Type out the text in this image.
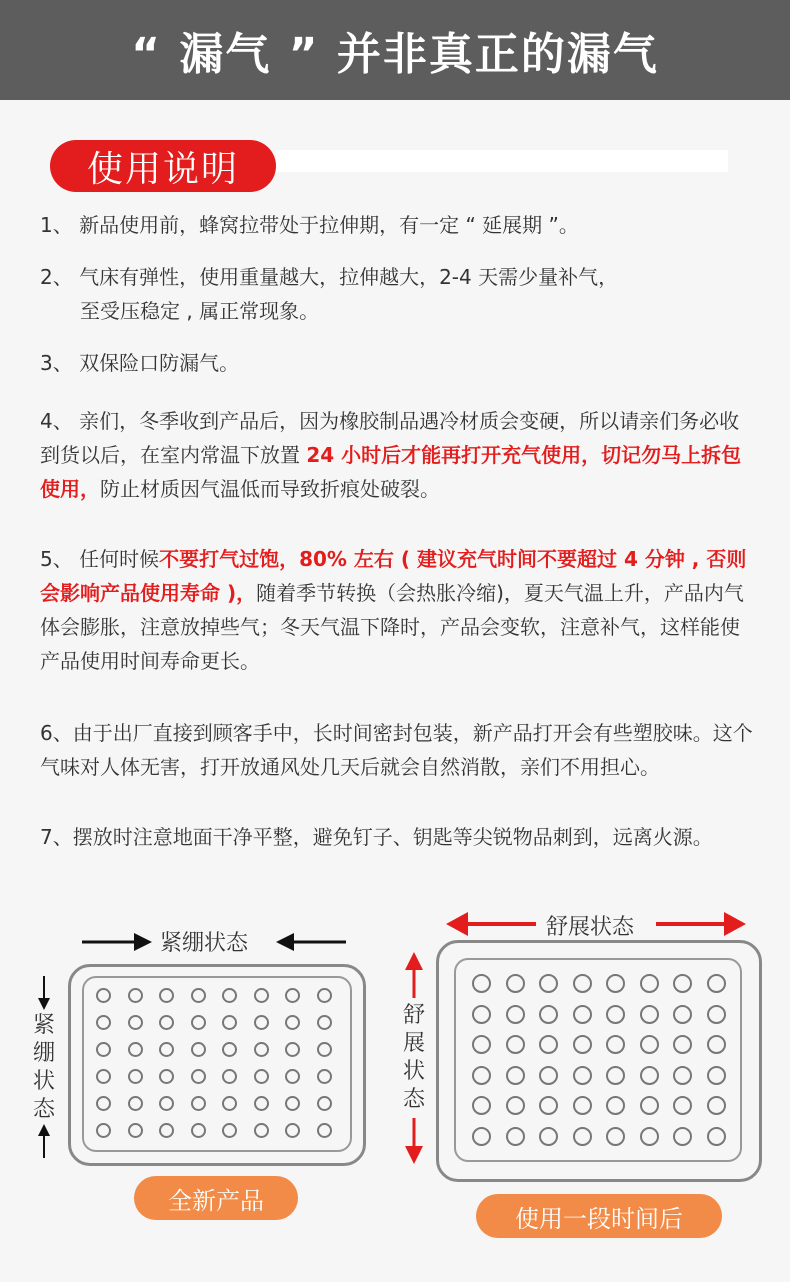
“ 漏气 ” 并非真正的漏气
使用说明
1、 新品使用前，蜂窝拉带处于拉伸期，有一定 “ 延展期 ”。
2、 气床有弹性，使用重量越大，拉伸越大，2-4 天需少量补气，
至受压稳定 , 属正常现象。
3、 双保险口防漏气。
4、 亲们，冬季收到产品后，因为橡胶制品遇冷材质会变硬，所以请亲们务必收到货以后，在室内常温下放置 24 小时后才能再打开充气使用，切记勿马上拆包使用，防止材质因气温低而导致折痕处破裂。
5、 任何时候不要打气过饱，80% 左右 ( 建议充气时间不要超过 4 分钟 , 否则会影响产品使用寿命 )，随着季节转换（会热胀冷缩)，夏天气温上升，产品内气体会膨胀，注意放掉些气；冬天气温下降时，产品会变软，注意补气，这样能使产品使用时间寿命更长。
6、由于出厂直接到顾客手中，长时间密封包装，新产品打开会有些塑胶味。这个气味对人体无害，打开放通风处几天后就会自然消散，亲们不用担心。
7、摆放时注意地面干净平整，避免钉子、钥匙等尖锐物品刺到，远离火源。
紧绷状态
紧
绷
状
态
全新产品
舒展状态
舒
展
状
态
使用一段时间后
